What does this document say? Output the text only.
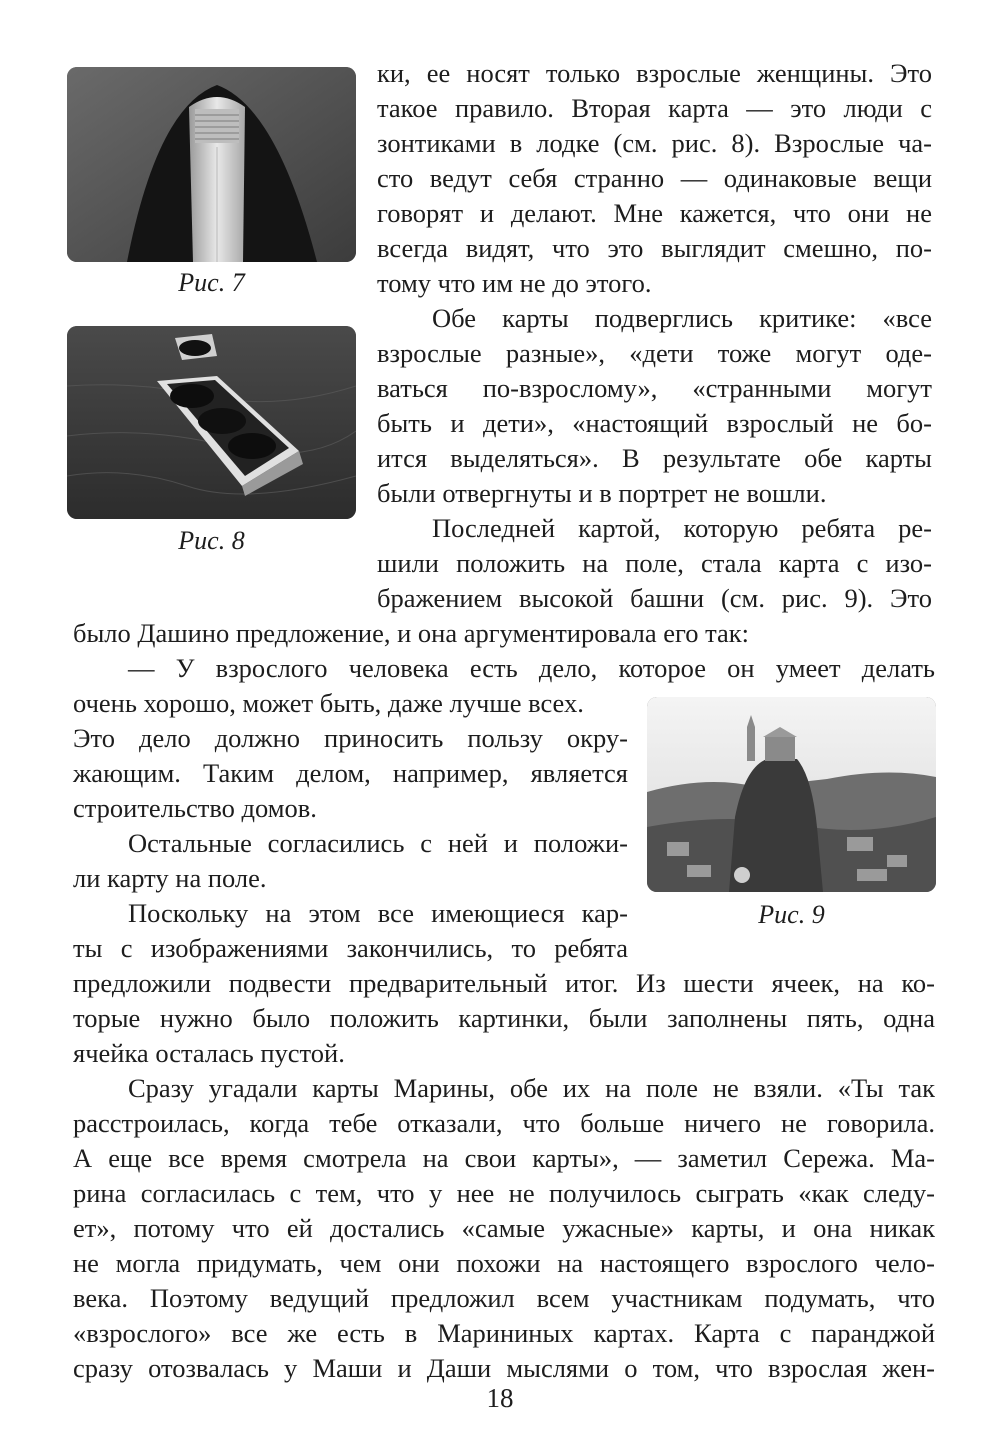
Рис. 7
Рис. 8
Рис. 9
ки, ее носят только взрослые женщины. Это
такое правило. Вторая карта — это люди с
зонтиками в лодке (см. рис. 8). Взрослые ча-
сто ведут себя странно — одинаковые вещи
говорят и делают. Мне кажется, что они не
всегда видят, что это выглядит смешно, по-
тому что им не до этого.
Обе карты подверглись критике: «все
взрослые разные», «дети тоже могут оде-
ваться по-взрослому», «странными могут
быть и дети», «настоящий взрослый не бо-
ится выделяться». В результате обе карты
были отвергнуты и в портрет не вошли.
Последней картой, которую ребята ре-
шили положить на поле, стала карта с изо-
бражением высокой башни (см. рис. 9). Это
было Дашино предложение, и она аргументировала его так:
— У взрослого человека есть дело, которое он умеет делать
очень хорошо, может быть, даже лучше всех.
Это дело должно приносить пользу окру-
жающим. Таким делом, например, является
строительство домов.
Остальные согласились с ней и положи-
ли карту на поле.
Поскольку на этом все имеющиеся кар-
ты с изображениями закончились, то ребята
предложили подвести предварительный итог. Из шести ячеек, на ко-
торые нужно было положить картинки, были заполнены пять, одна
ячейка осталась пустой.
Сразу угадали карты Марины, обе их на поле не взяли. «Ты так
расстроилась, когда тебе отказали, что больше ничего не говорила.
А еще все время смотрела на свои карты», — заметил Сережа. Ма-
рина согласилась с тем, что у нее не получилось сыграть «как следу-
ет», потому что ей достались «самые ужасные» карты, и она никак
не могла придумать, чем они похожи на настоящего взрослого чело-
века. Поэтому ведущий предложил всем участникам подумать, что
«взрослого» все же есть в Марининых картах. Карта с паранджой
сразу отозвалась у Маши и Даши мыслями о том, что взрослая жен-
18
